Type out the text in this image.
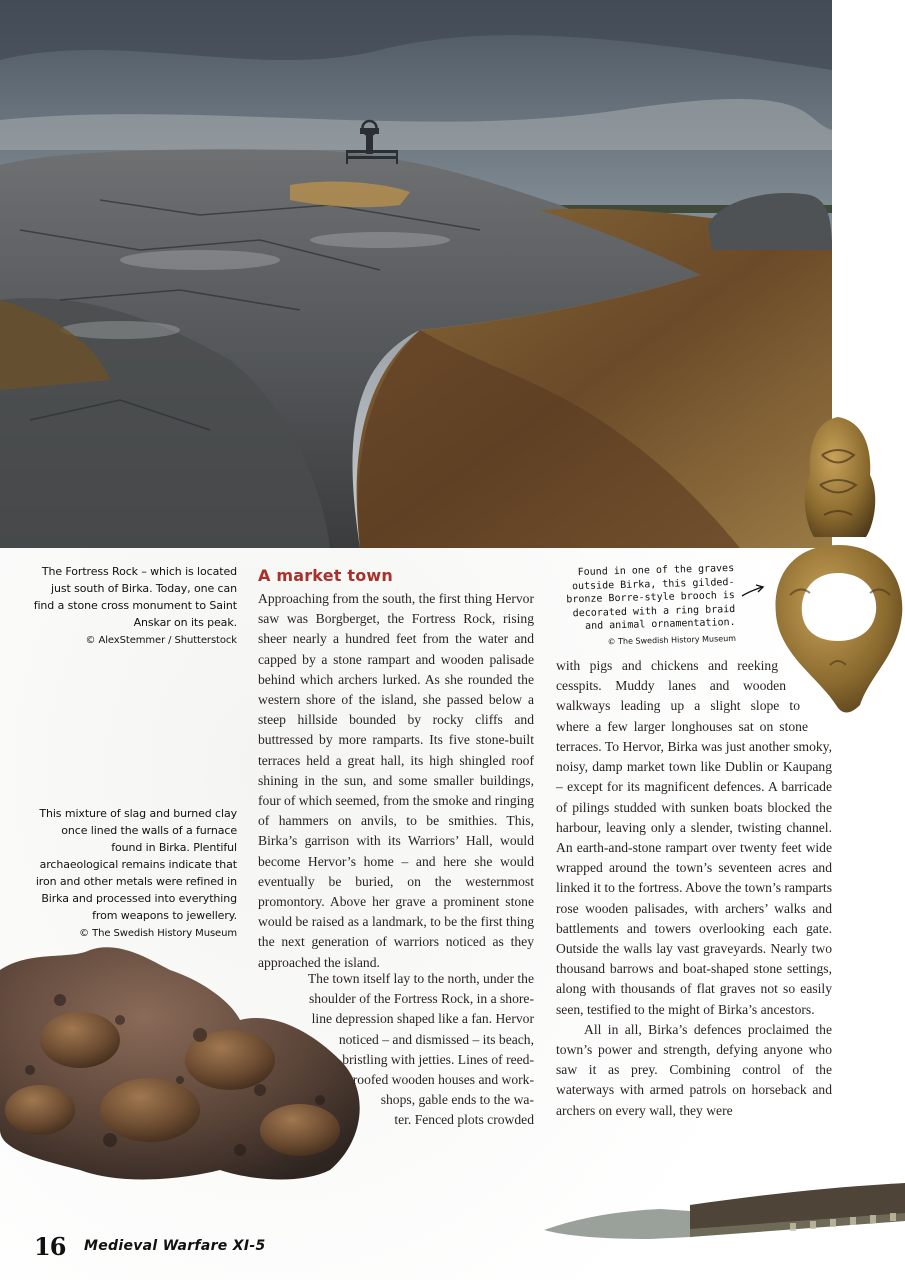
The Fortress Rock – which is located just south of Birka. Today, one can find a stone cross monument to Saint Anskar on its peak.
© AlexStemmer / Shutterstock
This mixture of slag and burned clay once lined the walls of a furnace found in Birka. Plentiful archaeological remains indicate that iron and other metals were refined in Birka and processed into everything from weapons to jewellery.
© The Swedish History Museum
Found in one of the graves outside Birka, this gilded-bronze Borre-style brooch is decorated with a ring braid and animal ornamentation.
© The Swedish History Museum
A market town

Approaching from the south, the first thing Hervor saw was Borgberget, the Fortress Rock, rising sheer nearly a hundred feet from the water and capped by a stone rampart and wooden palisade behind which archers lurked. As she rounded the western shore of the island, she passed below a steep hillside bounded by rocky cliffs and buttressed by more ramparts. Its five stone-built terraces held a great hall, its high shingled roof shining in the sun, and some smaller buildings, four of which seemed, from the smoke and ringing of hammers on anvils, to be smithies. This, Birka’s garrison with its Warriors’ Hall, would become Hervor’s home – and here she would eventually be buried, on the westernmost promontory. Above her grave a prominent stone would be raised as a landmark, to be the first thing the next generation of warriors noticed as they approached the island.

The town itself lay to the north, under the
shoulder of the Fortress Rock, in a shore-
line depression shaped like a fan. Hervor
noticed – and dismissed – its beach,
bristling with jetties. Lines of reed-
roofed wooden houses and work-
shops, gable ends to the wa-
ter. Fenced plots crowded
with pigs and chickens and reeking
cesspits. Muddy lanes and wooden
walkways leading up a slight slope to
where a few larger longhouses sat on stone

terraces. To Hervor, Birka was just another smoky, noisy, damp market town like Dublin or Kaupang – except for its magnificent defences. A barricade of pilings studded with sunken boats blocked the harbour, leaving only a slender, twisting channel. An earth-and-stone rampart over twenty feet wide wrapped around the town’s seventeen acres and linked it to the fortress. Above the town’s ramparts rose wooden palisades, with archers’ walks and battlements and towers overlooking each gate. Outside the walls lay vast graveyards. Nearly two thousand barrows and boat-shaped stone settings, along with thousands of flat graves not so easily seen, testified to the might of Birka’s ancestors.

All in all, Birka’s defences proclaimed the town’s power and strength, defying anyone who saw it as prey. Combining control of the waterways with armed patrols on horseback and archers on every wall, they were

16 Medieval Warfare XI-5
